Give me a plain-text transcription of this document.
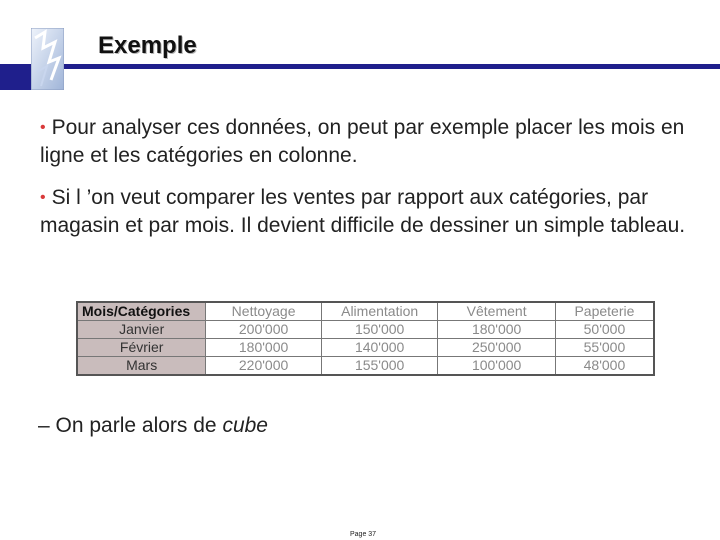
Exemple
• Pour analyser ces données, on peut par exemple placer les mois en ligne et les catégories en colonne.
• Si l ’on veut comparer les ventes par rapport aux catégories, par magasin et par mois. Il devient difficile de dessiner un simple tableau.
Mois/Catégories	Nettoyage	Alimentation	Vêtement	Papeterie
Janvier	200'000	150'000	180'000	50'000
Février	180'000	140'000	250'000	55'000
Mars	220'000	155'000	100'000	48'000
– On parle alors de cube
Page 37
